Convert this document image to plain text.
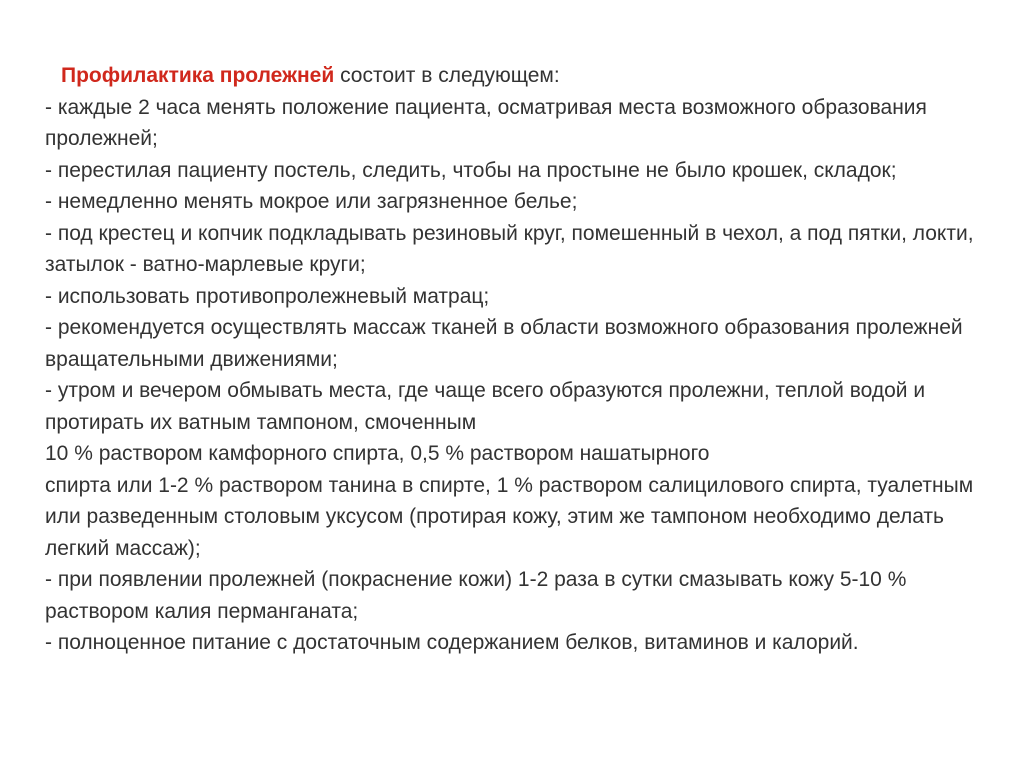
Профилактика пролежней состоит в следующем:
- каждые 2 часа менять положение пациента, осматривая места возможного образования пролежней;
- перестилая пациенту постель, следить, чтобы на простыне не было крошек, складок;
- немедленно менять мокрое или загрязненное белье;
- под крестец и копчик подкладывать резиновый круг, помешенный в чехол, а под пятки, локти, затылок - ватно-марлевые круги;
- использовать противопролежневый матрац;
- рекомендуется осуществлять массаж тканей в области возможного образования пролежней вращательными движениями;
- утром и вечером обмывать места, где чаще всего образуются пролежни, теплой водой и протирать их ватным тампоном, смоченным
10 % раствором камфорного спирта, 0,5 % раствором нашатырного
спирта или 1-2 % раствором танина в спирте, 1 % раствором салицилового спирта, туалетным или разведенным столовым уксусом (протирая кожу, этим же тампоном необходимо делать легкий массаж);
- при появлении пролежней (покраснение кожи) 1-2 раза в сутки смазывать кожу 5-10 % раствором калия перманганата;
- полноценное питание с достаточным содержанием белков, витаминов и калорий.
